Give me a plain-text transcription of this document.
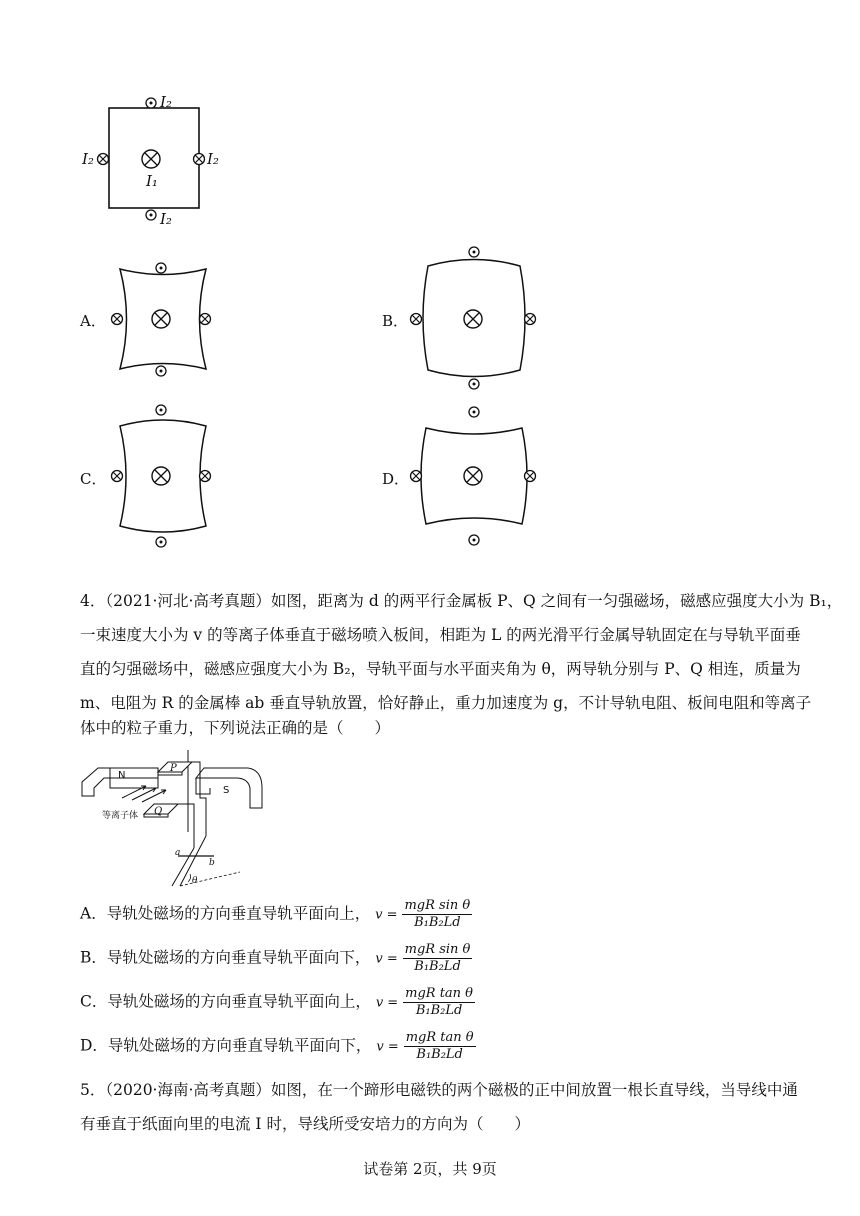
I₂
I₂	I₂
I₁
I₂
A．	B．
C．	D．
4．（2021·河北·高考真题）如图，距离为 d 的两平行金属板 P、Q 之间有一匀强磁场，磁感应强度大小为 B₁，
一束速度大小为 v 的等离子体垂直于磁场喷入板间，相距为 L 的两光滑平行金属导轨固定在与导轨平面垂
直的匀强磁场中，磁感应强度大小为 B₂，导轨平面与水平面夹角为 θ，两导轨分别与 P、Q 相连，质量为
m、电阻为 R 的金属棒 ab 垂直导轨放置，恰好静止，重力加速度为 g，不计导轨电阻、板间电阻和等离子
体中的粒子重力，下列说法正确的是（　　）
N
S
P
Q
等离子体
a
b
θ
A．导轨处磁场的方向垂直导轨平面向上， $v = \frac{\text{mgR sin θ}}{\text{B₁B₂Ld}}$
B．导轨处磁场的方向垂直导轨平面向下， $v = \frac{\text{mgR sin θ}}{\text{B₁B₂Ld}}$
C．导轨处磁场的方向垂直导轨平面向上， $v = \frac{\text{mgR tan θ}}{\text{B₁B₂Ld}}$
D．导轨处磁场的方向垂直导轨平面向下， $v = \frac{\text{mgR tan θ}}{\text{B₁B₂Ld}}$
5．（2020·海南·高考真题）如图，在一个蹄形电磁铁的两个磁极的正中间放置一根长直导线，当导线中通
有垂直于纸面向里的电流 I 时，导线所受安培力的方向为（　　）
试卷第 2页，共 9页
